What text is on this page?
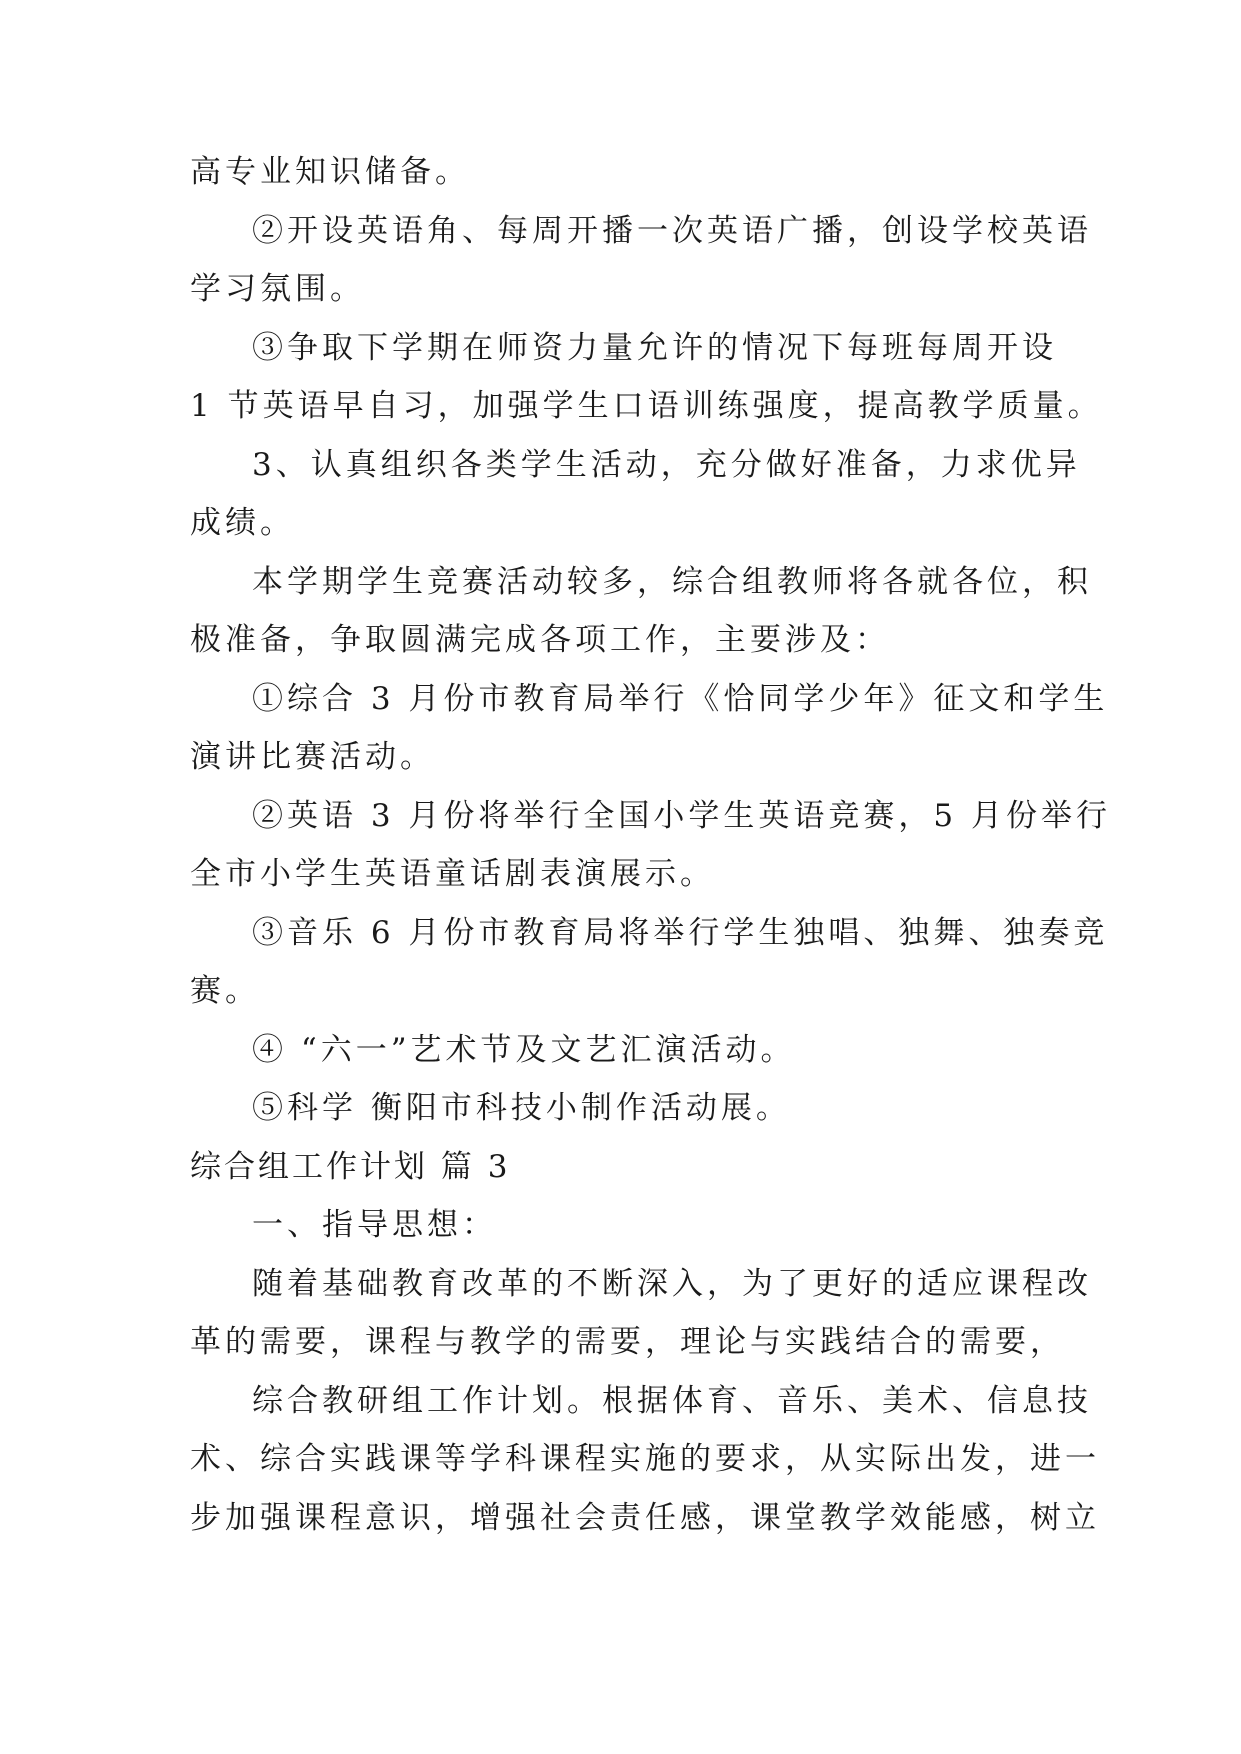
高专业知识储备。
②开设英语角、每周开播一次英语广播，创设学校英语
学习氛围。
③争取下学期在师资力量允许的情况下每班每周开设
1 节英语早自习，加强学生口语训练强度，提高教学质量。
3、认真组织各类学生活动，充分做好准备，力求优异
成绩。
本学期学生竞赛活动较多，综合组教师将各就各位，积
极准备，争取圆满完成各项工作，主要涉及：
①综合 3 月份市教育局举行《恰同学少年》征文和学生
演讲比赛活动。
②英语 3 月份将举行全国小学生英语竞赛，5 月份举行
全市小学生英语童话剧表演展示。
③音乐 6 月份市教育局将举行学生独唱、独舞、独奏竞
赛。
④ “六一”艺术节及文艺汇演活动。
⑤科学 衡阳市科技小制作活动展。
综合组工作计划 篇 3
一、指导思想：
随着基础教育改革的不断深入，为了更好的适应课程改
革的需要，课程与教学的需要，理论与实践结合的需要，
综合教研组工作计划。根据体育、音乐、美术、信息技
术、综合实践课等学科课程实施的要求，从实际出发，进一
步加强课程意识，增强社会责任感，课堂教学效能感，树立
